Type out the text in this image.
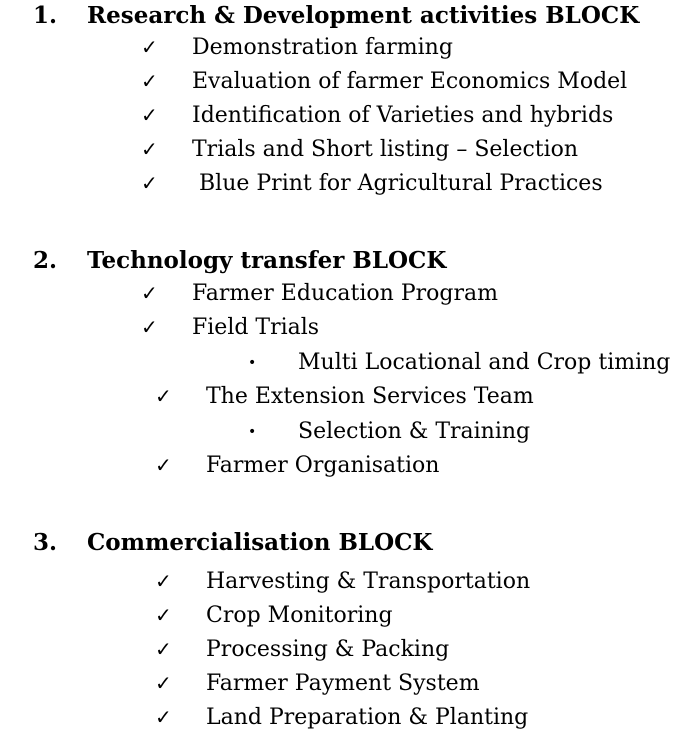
1. Research & Development activities BLOCK
✓ Demonstration farming
✓ Evaluation of farmer Economics Model
✓ Identification of Varieties and hybrids
✓ Trials and Short listing – Selection
✓ Blue Print for Agricultural Practices
2. Technology transfer BLOCK
✓ Farmer Education Program
✓ Field Trials
• Multi Locational and Crop timing
✓ The Extension Services Team
• Selection & Training
✓ Farmer Organisation
3. Commercialisation BLOCK
✓ Harvesting & Transportation
✓ Crop Monitoring
✓ Processing & Packing
✓ Farmer Payment System
✓ Land Preparation & Planting
